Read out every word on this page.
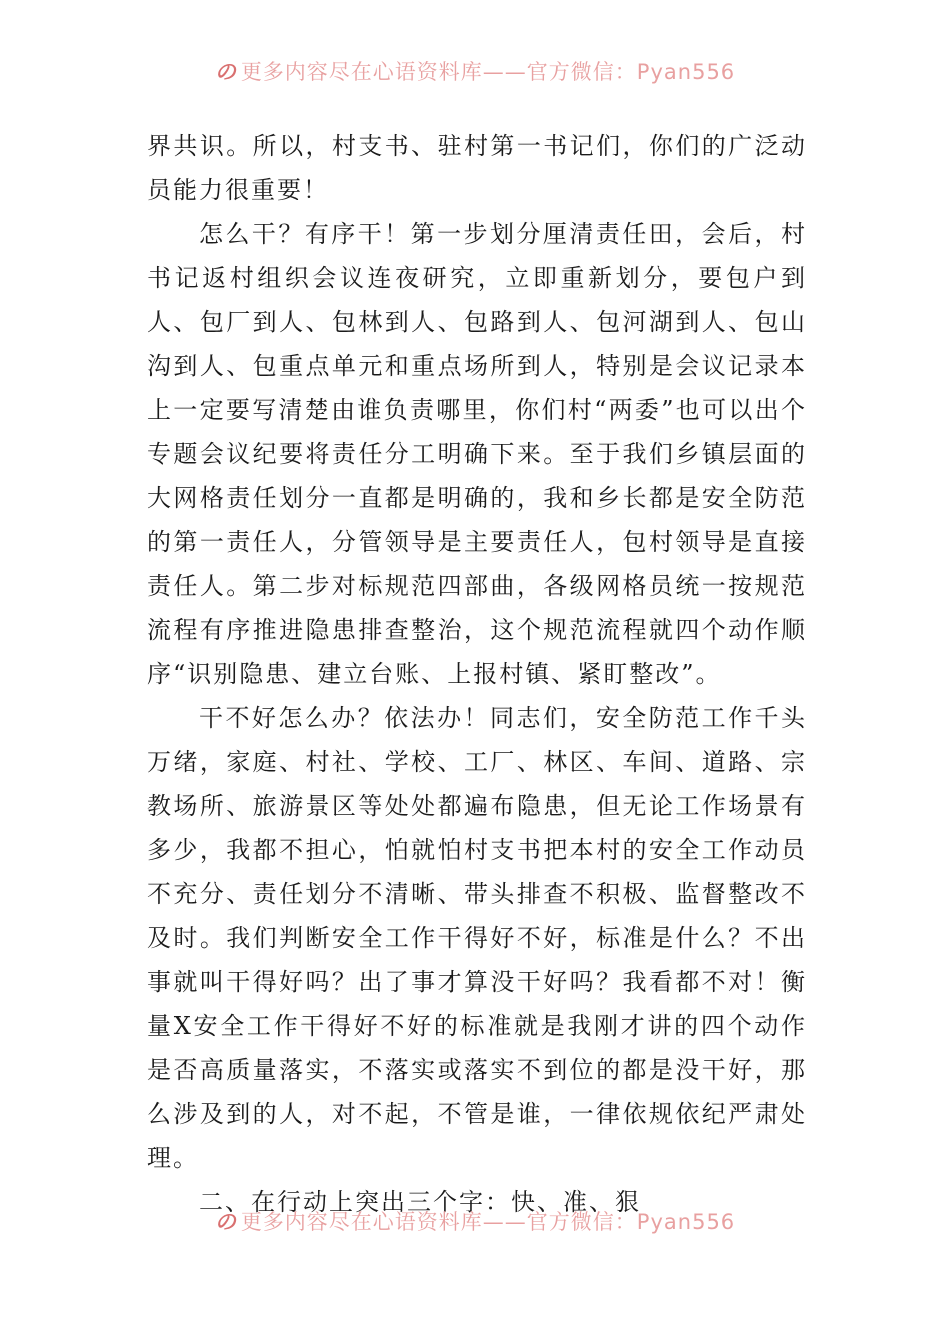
の 更多内容尽在心语资料库——官方微信：Pyan556

界共识。所以，村支书、驻村第一书记们，你们的广泛动员能力很重要！

怎么干？有序干！第一步划分厘清责任田，会后，村书记返村组织会议连夜研究，立即重新划分，要包户到人、包厂到人、包林到人、包路到人、包河湖到人、包山沟到人、包重点单元和重点场所到人，特别是会议记录本上一定要写清楚由谁负责哪里，你们村“两委”也可以出个专题会议纪要将责任分工明确下来。至于我们乡镇层面的大网格责任划分一直都是明确的，我和乡长都是安全防范的第一责任人，分管领导是主要责任人，包村领导是直接责任人。第二步对标规范四部曲，各级网格员统一按规范流程有序推进隐患排查整治，这个规范流程就四个动作顺序“识别隐患、建立台账、上报村镇、紧盯整改”。

干不好怎么办？依法办！同志们，安全防范工作千头万绪，家庭、村社、学校、工厂、林区、车间、道路、宗教场所、旅游景区等处处都遍布隐患，但无论工作场景有多少，我都不担心，怕就怕村支书把本村的安全工作动员不充分、责任划分不清晰、带头排查不积极、监督整改不及时。我们判断安全工作干得好不好，标准是什么？不出事就叫干得好吗？出了事才算没干好吗？我看都不对！衡量X安全工作干得好不好的标准就是我刚才讲的四个动作是否高质量落实，不落实或落实不到位的都是没干好，那么涉及到的人，对不起，不管是谁，一律依规依纪严肃处理。

二、在行动上突出三个字：快、准、狠

の 更多内容尽在心语资料库——官方微信：Pyan556
